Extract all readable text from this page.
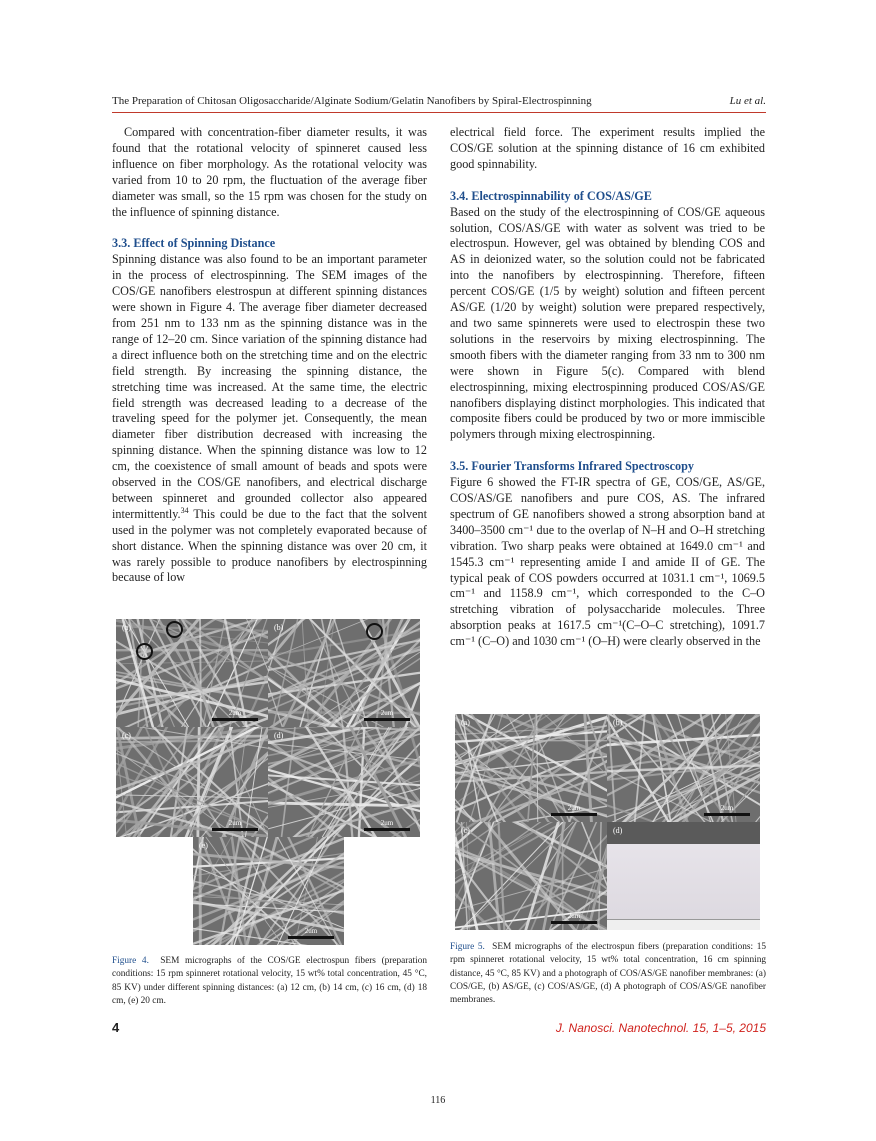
The Preparation of Chitosan Oligosaccharide/Alginate Sodium/Gelatin Nanofibers by Spiral-Electrospinning	Lu et al.

Compared with concentration-fiber diameter results, it was found that the rotational velocity of spinneret caused less influence on fiber morphology. As the rotational velocity was varied from 10 to 20 rpm, the fluctuation of the average fiber diameter was small, so the 15 rpm was chosen for the study on the influence of spinning distance.

3.3. Effect of Spinning Distance

Spinning distance was also found to be an important parameter in the process of electrospinning. The SEM images of the COS/GE nanofibers elestrospun at different spinning distances were shown in Figure 4. The average fiber diameter decreased from 251 nm to 133 nm as the spinning distance was in the range of 12–20 cm. Since variation of the spinning distance had a direct influence both on the stretching time and on the electric field strength. By increasing the spinning distance, the stretching time was increased. At the same time, the electric field strength was decreased leading to a decrease of the traveling speed for the polymer jet. Consequently, the mean diameter fiber distribution decreased with increasing the spinning distance. When the spinning distance was low to 12 cm, the coexistence of small amount of beads and spots were observed in the COS/GE nanofibers, and electrical discharge between spinneret and grounded collector also appeared intermittently.$^{34}$ This could be due to the fact that the solvent used in the polymer was not completely evaporated because of short distance. When the spinning distance was over 20 cm, it was rarely possible to produce nanofibers by electrospinning because of low

electrical field force. The experiment results implied the COS/GE solution at the spinning distance of 16 cm exhibited good spinnability.

3.4. Electrospinnability of COS/AS/GE

Based on the study of the electrospinning of COS/GE aqueous solution, COS/AS/GE with water as solvent was tried to be electrospun. However, gel was obtained by blending COS and AS in deionized water, so the solution could not be fabricated into the nanofibers by electrospinning. Therefore, fifteen percent COS/GE (1/5 by weight) solution and fifteen percent AS/GE (1/20 by weight) solution were prepared respectively, and two same spinnerets were used to electrospin these two solutions in the reservoirs by mixing electrospinning. The smooth fibers with the diameter ranging from 33 nm to 300 nm were shown in Figure 5(c). Compared with blend electrospinning, mixing electrospinning produced COS/AS/GE nanofibers displaying distinct morphologies. This indicated that composite fibers could be produced by two or more immiscible polymers through mixing electrospinning.

3.5. Fourier Transforms Infrared Spectroscopy

Figure 6 showed the FT-IR spectra of GE, COS/GE, AS/GE, COS/AS/GE nanofibers and pure COS, AS. The infrared spectrum of GE nanofibers showed a strong absorption band at 3400–3500 cm⁻¹ due to the overlap of N–H and O–H stretching vibration. Two sharp peaks were obtained at 1649.0 cm⁻¹ and 1545.3 cm⁻¹ representing amide I and amide II of GE. The typical peak of COS powders occurred at 1031.1 cm⁻¹, 1069.5 cm⁻¹ and 1158.9 cm⁻¹, which corresponded to the C–O stretching vibration of polysaccharide molecules. Three absorption peaks at 1617.5 cm⁻¹(C–O–C stretching), 1091.7 cm⁻¹ (C–O) and 1030 cm⁻¹ (O–H) were clearly observed in the

(a)
2um
(b)
2um
(c)
2um
(d)
2um
(e)
2um
Figure 4. SEM micrographs of the COS/GE electrospun fibers (preparation conditions: 15 rpm spinneret rotational velocity, 15 wt% total concentration, 45 °C, 85 KV) under different spinning distances: (a) 12 cm, (b) 14 cm, (c) 16 cm, (d) 18 cm, (e) 20 cm.
(a)
2um
(b)
2um
(c)
2um
(d)
Figure 5. SEM micrographs of the electrospun fibers (preparation conditions: 15 rpm spinneret rotational velocity, 15 wt% total concentration, 16 cm spinning distance, 45 °C, 85 KV) and a photograph of COS/AS/GE nanofiber membranes: (a) COS/GE, (b) AS/GE, (c) COS/AS/GE, (d) A photograph of COS/AS/GE nanofiber membranes.
4	J. Nanosci. Nanotechnol. 15, 1–5, 2015
116
